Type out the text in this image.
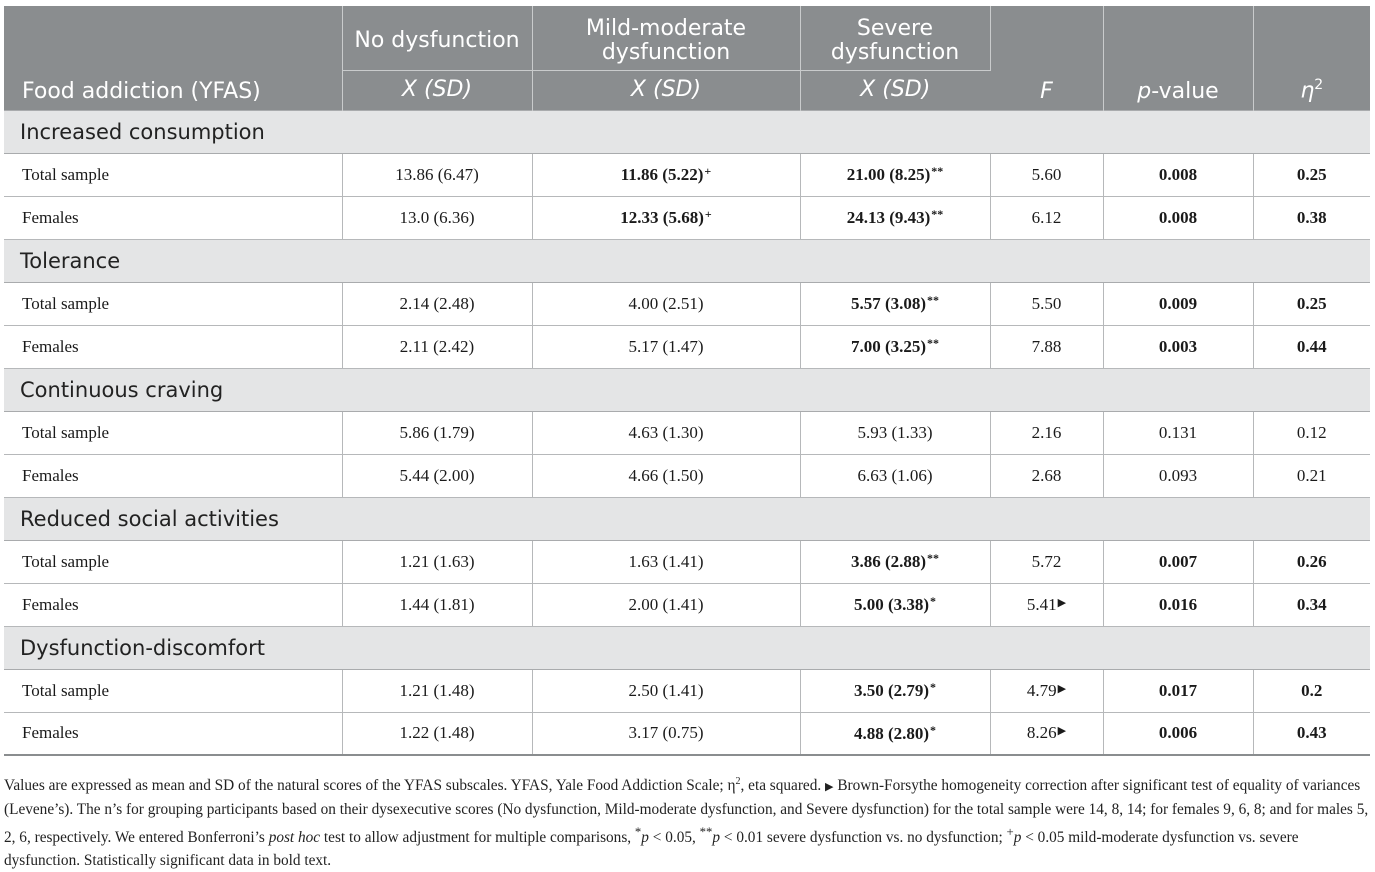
Food addiction (YFAS)	No dysfunction	Mild-moderate dysfunction	Severe dysfunction	F	p-value	$\eta^2$
	X (SD)	X (SD)	X (SD)			
Increased consumption						
Total sample	13.86 (6.47)	11.86 (5.22)+	21.00 (8.25)**	5.60	0.008	0.25
Females	13.0 (6.36)	12.33 (5.68)+	24.13 (9.43)**	6.12	0.008	0.38
Tolerance						
Total sample	2.14 (2.48)	4.00 (2.51)	5.57 (3.08)**	5.50	0.009	0.25
Females	2.11 (2.42)	5.17 (1.47)	7.00 (3.25)**	7.88	0.003	0.44
Continuous craving						
Total sample	5.86 (1.79)	4.63 (1.30)	5.93 (1.33)	2.16	0.131	0.12
Females	5.44 (2.00)	4.66 (1.50)	6.63 (1.06)	2.68	0.093	0.21
Reduced social activities						
Total sample	1.21 (1.63)	1.63 (1.41)	3.86 (2.88)**	5.72	0.007	0.26
Females	1.44 (1.81)	2.00 (1.41)	5.00 (3.38)*	5.41▶	0.016	0.34
Dysfunction-discomfort						
Total sample	1.21 (1.48)	2.50 (1.41)	3.50 (2.79)*	4.79▶	0.017	0.2
Females	1.22 (1.48)	3.17 (0.75)	4.88 (2.80)*	8.26▶	0.006	0.43
Values are expressed as mean and SD of the natural scores of the YFAS subscales. YFAS, Yale Food Addiction Scale; $\eta^2$, eta squared. ▶ Brown-Forsythe homogeneity correction after significant test of equality of variances (Levene’s). The n’s for grouping participants based on their dysexecutive scores (No dysfunction, Mild-moderate dysfunction, and Severe dysfunction) for the total sample were 14, 8, 14; for females 9, 6, 8; and for males 5, 2, 6, respectively. We entered Bonferroni’s post hoc test to allow adjustment for multiple comparisons, *p < 0.05, **p < 0.01 severe dysfunction vs. no dysfunction; +p < 0.05 mild-moderate dysfunction vs. severe dysfunction. Statistically significant data in bold text.
